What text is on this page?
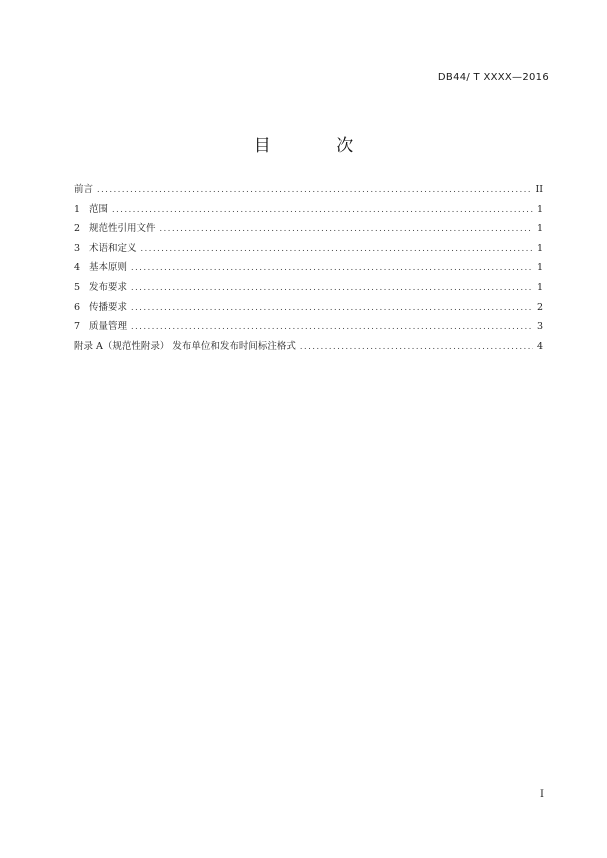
DB44/ T XXXX—2016
目 次
前言 .....	II
1 范围 .....	1
2 规范性引用文件 .....	1
3 术语和定义 .....	1
4 基本原则 .....	1
5 发布要求 .....	1
6 传播要求 .....	2
7 质量管理 .....	3
附录 A（规范性附录） 发布单位和发布时间标注格式 .....	4
I
